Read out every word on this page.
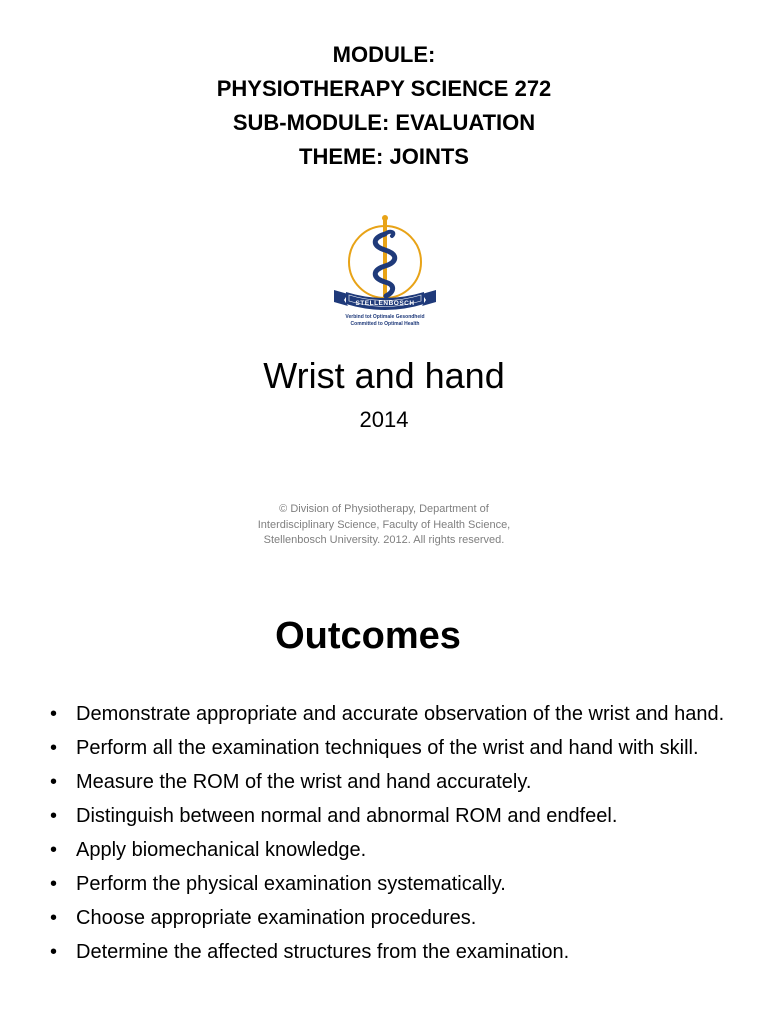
MODULE:
PHYSIOTHERAPY SCIENCE 272
SUB-MODULE: EVALUATION
THEME: JOINTS
STELLENBOSCH
Verbind tot Optimale Gesondheid
Committed to Optimal Health
Wrist and hand
2014
© Division of Physiotherapy, Department of Interdisciplinary Science, Faculty of Health Science, Stellenbosch University. 2012. All rights reserved.
Outcomes
• Demonstrate appropriate and accurate observation of the wrist and hand.
• Perform all the examination techniques of the wrist and hand with skill.
• Measure the ROM of the wrist and hand accurately.
• Distinguish between normal and abnormal ROM and endfeel.
• Apply biomechanical knowledge.
• Perform the physical examination systematically.
• Choose appropriate examination procedures.
• Determine the affected structures from the examination.
